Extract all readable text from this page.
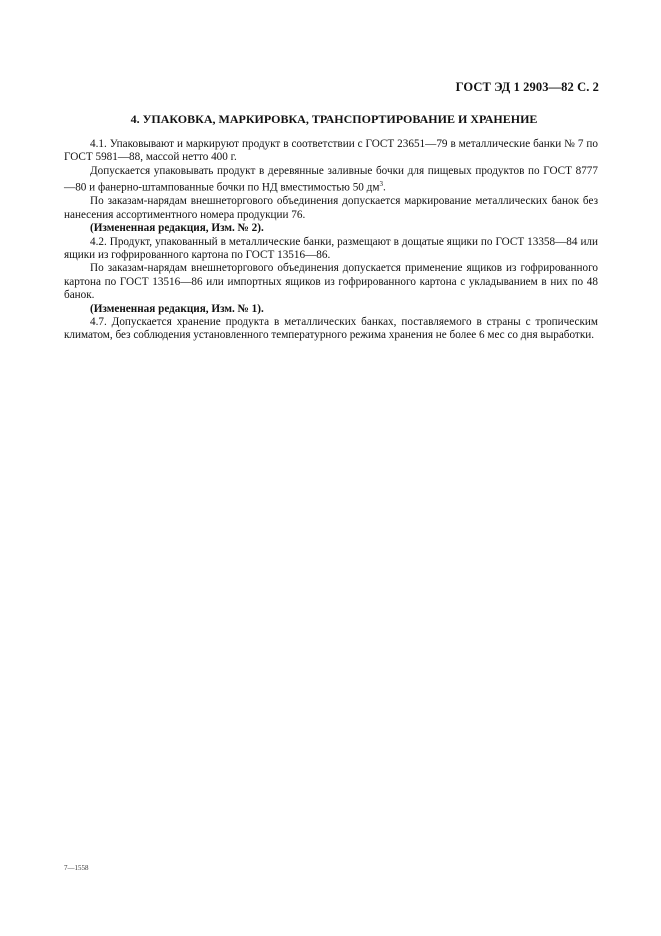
ГОСТ ЭД 1 2903—82 С. 2
4. УПАКОВКА, МАРКИРОВКА, ТРАНСПОРТИРОВАНИЕ И ХРАНЕНИЕ

4.1. Упаковывают и маркируют продукт в соответствии с ГОСТ 23651—79 в металлические банки № 7 по ГОСТ 5981—88, массой нетто 400 г.

Допускается упаковывать продукт в деревянные заливные бочки для пищевых продуктов по ГОСТ 8777—80 и фанерно-штампованные бочки по НД вместимостью 50 $дм^3$.

По заказам-нарядам внешнеторгового объединения допускается маркирование металлических банок без нанесения ассортиментного номера продукции 76.

(Измененная редакция, Изм. № 2).

4.2. Продукт, упакованный в металлические банки, размещают в дощатые ящики по ГОСТ 13358—84 или ящики из гофрированного картона по ГОСТ 13516—86.

По заказам-нарядам внешнеторгового объединения допускается применение ящиков из гофрированного картона по ГОСТ 13516—86 или импортных ящиков из гофрированного картона с укладыванием в них по 48 банок.

(Измененная редакция, Изм. № 1).

4.7. Допускается хранение продукта в металлических банках, поставляемого в страны с тропическим климатом, без соблюдения установленного температурного режима хранения не более 6 мес со дня выработки.

7—1558
